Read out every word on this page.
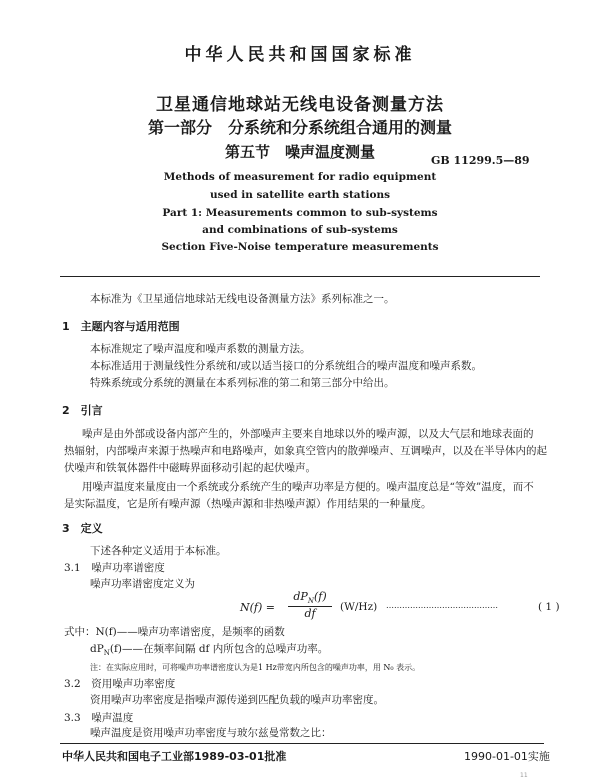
中华人民共和国国家标准
卫星通信地球站无线电设备测量方法
第一部分　分系统和分系统组合通用的测量
第五节　噪声温度测量	GB 11299.5—89
Methods of measurement for radio equipment
used in satellite earth stations
Part 1: Measurements common to sub-systems
and combinations of sub-systems
Section Five-Noise temperature measurements
本标准为《卫星通信地球站无线电设备测量方法》系列标准之一。
1　主题内容与适用范围
本标准规定了噪声温度和噪声系数的测量方法。
本标准适用于测量线性分系统和/或以适当接口的分系统组合的噪声温度和噪声系数。
特殊系统或分系统的测量在本系列标准的第二和第三部分中给出。
2　引言
噪声是由外部或设备内部产生的，外部噪声主要来自地球以外的噪声源，以及大气层和地球表面的
热辐射，内部噪声来源于热噪声和电路噪声，如象真空管内的散弹噪声、互调噪声，以及在半导体内的起
伏噪声和铁氧体器件中磁畴界面移动引起的起伏噪声。
用噪声温度来量度由一个系统或分系统产生的噪声功率是方便的。噪声温度总是“等效”温度，而不
是实际温度，它是所有噪声源（热噪声源和非热噪声源）作用结果的一种量度。
3　定义
下述各种定义适用于本标准。
3.1　噪声功率谱密度
噪声功率谱密度定义为
N(f) =
$dP_N(f)$
df	(W/Hz) ……………………………………	( 1 )
式中：N(f)——噪声功率谱密度，是频率的函数
$dP_N(f)——$在频率间隔 df 内所包含的总噪声功率。
注：在实际应用时，可将噪声功率谱密度认为是1 Hz带宽内所包含的噪声功率，用 N₀ 表示。
3.2　资用噪声功率密度
资用噪声功率密度是指噪声源传递到匹配负载的噪声功率密度。
3.3　噪声温度
噪声温度是资用噪声功率密度与玻尔兹曼常数之比：
中华人民共和国电子工业部1989-03-01批准	1990-01-01实施
11
